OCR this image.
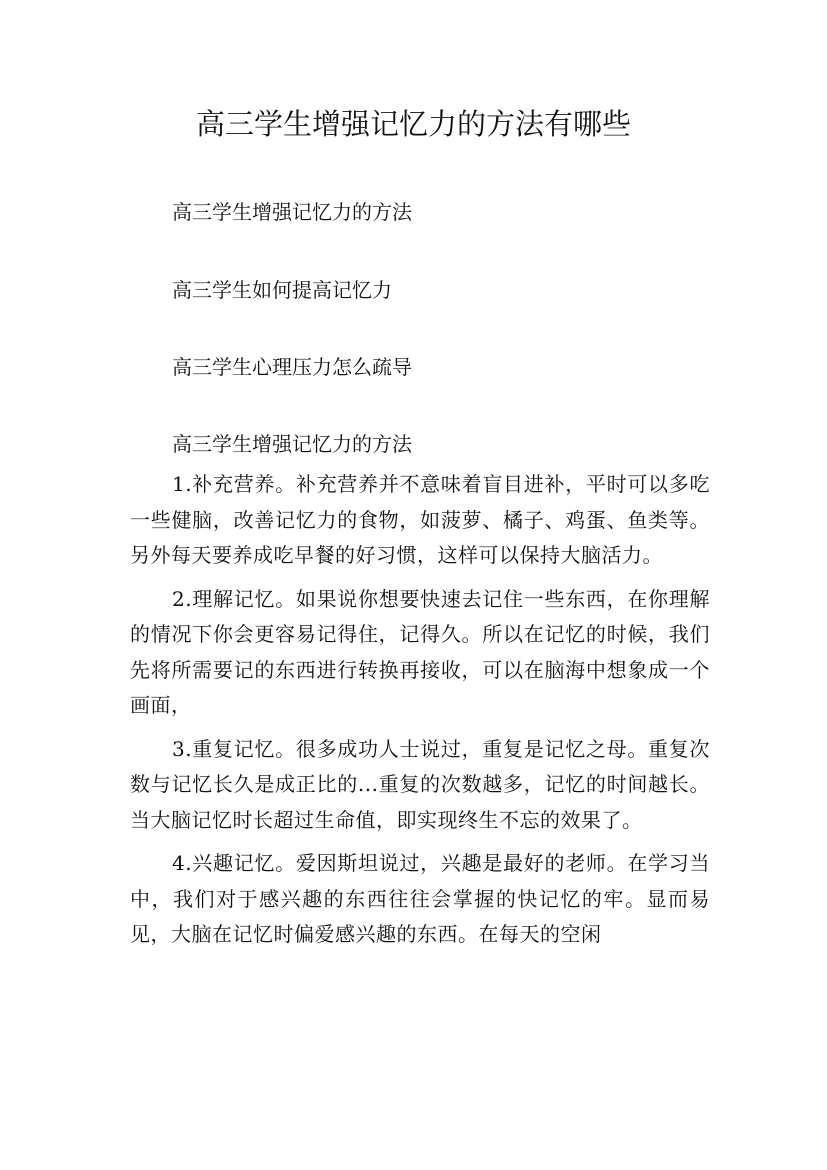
高三学生增强记忆力的方法有哪些

高三学生增强记忆力的方法

高三学生如何提高记忆力

高三学生心理压力怎么疏导

高三学生增强记忆力的方法

1.补充营养。补充营养并不意味着盲目进补，平时可以多吃一些健脑，改善记忆力的食物，如菠萝、橘子、鸡蛋、鱼类等。另外每天要养成吃早餐的好习惯，这样可以保持大脑活力。

2.理解记忆。如果说你想要快速去记住一些东西，在你理解的情况下你会更容易记得住，记得久。所以在记忆的时候，我们先将所需要记的东西进行转换再接收，可以在脑海中想象成一个画面，

3.重复记忆。很多成功人士说过，重复是记忆之母。重复次数与记忆长久是成正比的...重复的次数越多，记忆的时间越长。当大脑记忆时长超过生命值，即实现终生不忘的效果了。

4.兴趣记忆。爱因斯坦说过，兴趣是最好的老师。在学习当中，我们对于感兴趣的东西往往会掌握的快记忆的牢。显而易见，大脑在记忆时偏爱感兴趣的东西。在每天的空闲
